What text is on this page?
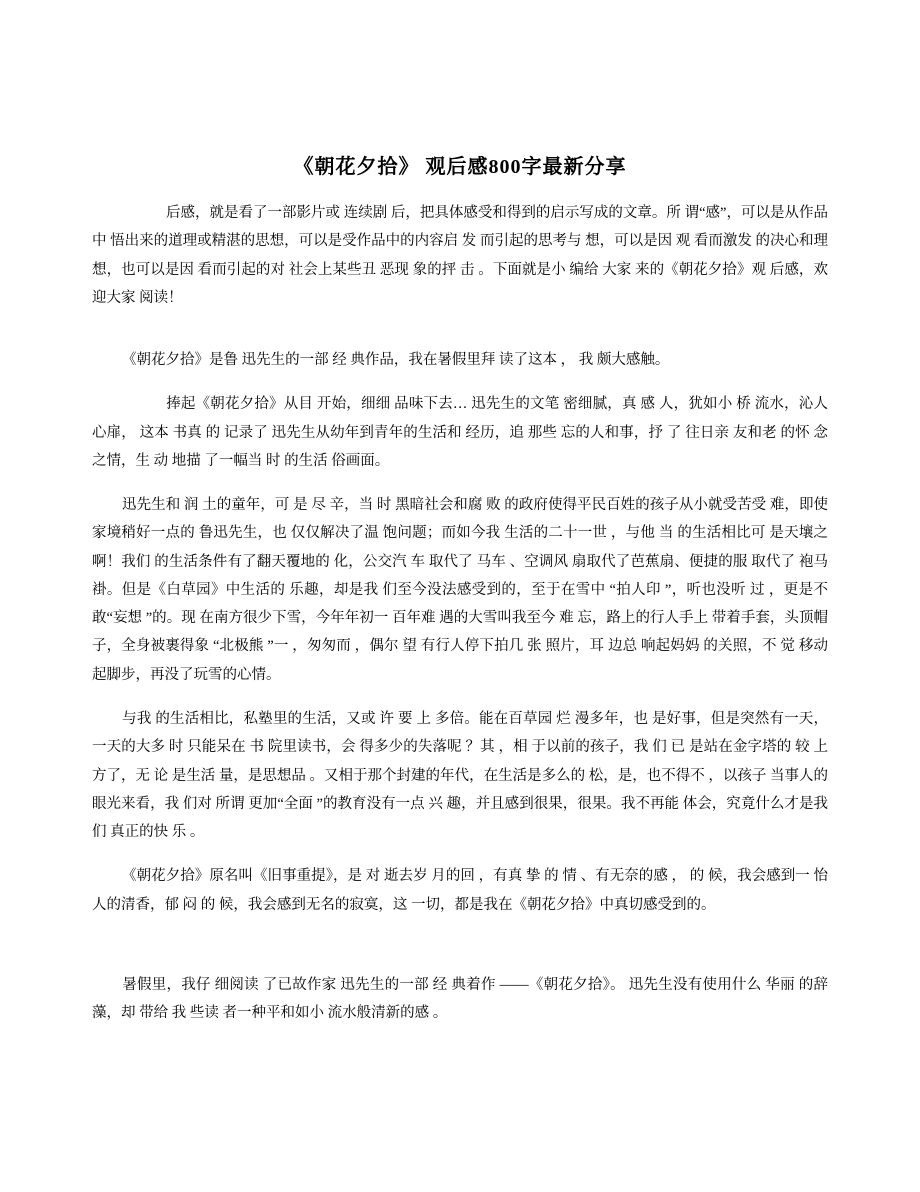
《朝花夕拾》 观后感800字最新分享

后感，就是看了一部影片或 连续剧 后，把具体感受和得到的启示写成的文章。所 谓“感”，可以是从作品中 悟出来的道理或精湛的思想，可以是受作品中的内容启 发 而引起的思考与 想，可以是因 观 看而激发 的决心和理想，也可以是因 看而引起的对 社会上某些丑 恶现 象的抨 击 。下面就是小 编给 大家 来的《朝花夕拾》观 后感，欢 迎大家 阅读！

《朝花夕拾》是鲁 迅先生的一部 经 典作品，我在暑假里拜 读了这本 ， 我 颇大感触。

捧起《朝花夕拾》从目 开始，细细 品味下去… 迅先生的文笔 密细腻，真 感 人，犹如小 桥 流水，沁人心扉， 这本 书真 的 记录了 迅先生从幼年到青年的生活和 经历，追 那些 忘的人和事，抒 了 往日亲 友和老 的怀 念之情，生 动 地描 了一幅当 时 的生活 俗画面。

迅先生和 润 土的童年，可 是 尽 辛，当 时 黑暗社会和腐 败 的政府使得平民百姓的孩子从小就受苦受 难，即使家境稍好一点的 鲁迅先生，也 仅仅解决了温 饱问题；而如今我 生活的二十一世 ，与他 当 的生活相比可 是天壤之 啊！我们 的生活条件有了翻天覆地的 化，公交汽 车 取代了 马车 、空调风 扇取代了芭蕉扇、便捷的服 取代了 袍马褂。但是《白草园》中生活的 乐趣，却是我 们至今没法感受到的，至于在雪中 “拍人印 ”，听也没听 过 ，更是不敢“妄想 ”的。现 在南方很少下雪，今年年初一 百年难 遇的大雪叫我至今 难 忘，路上的行人手上 带着手套，头顶帽子，全身被裹得象 “北极熊 ”一 ，匆匆而 ，偶尔 望 有行人停下拍几 张 照片，耳 边总 响起妈妈 的关照，不 觉 移动 起脚步，再没了玩雪的心情。

与我 的生活相比，私塾里的生活，又或 许 要 上 多倍。能在百草园 烂 漫多年，也 是好事，但是突然有一天，一天的大多 时 只能呆在 书 院里读书，会 得多少的失落呢 ？其 ，相 于以前的孩子，我 们 已 是站在金字塔的 较 上方了，无 论 是生活 量，是思想品 。又相于那个封建的年代，在生活是多么的 松，是，也不得不 ，以孩子 当事人的眼光来看，我 们对 所谓 更加“全面 ”的教育没有一点 兴 趣，并且感到很果，很果。我不再能 体会，究竟什么才是我 们 真正的快 乐 。

《朝花夕拾》原名叫《旧事重提》，是 对 逝去岁 月的回 ，有真 挚 的 情 、有无奈的感 ， 的 候，我会感到一 怡人的清香，郁 闷 的 候，我会感到无名的寂寞，这 一切，都是我在《朝花夕拾》中真切感受到的。

暑假里，我仔 细阅读 了已故作家 迅先生的一部 经 典着作 ——《朝花夕拾》。 迅先生没有使用什么 华丽 的辞藻，却 带给 我 些读 者一种平和如小 流水般清新的感 。
